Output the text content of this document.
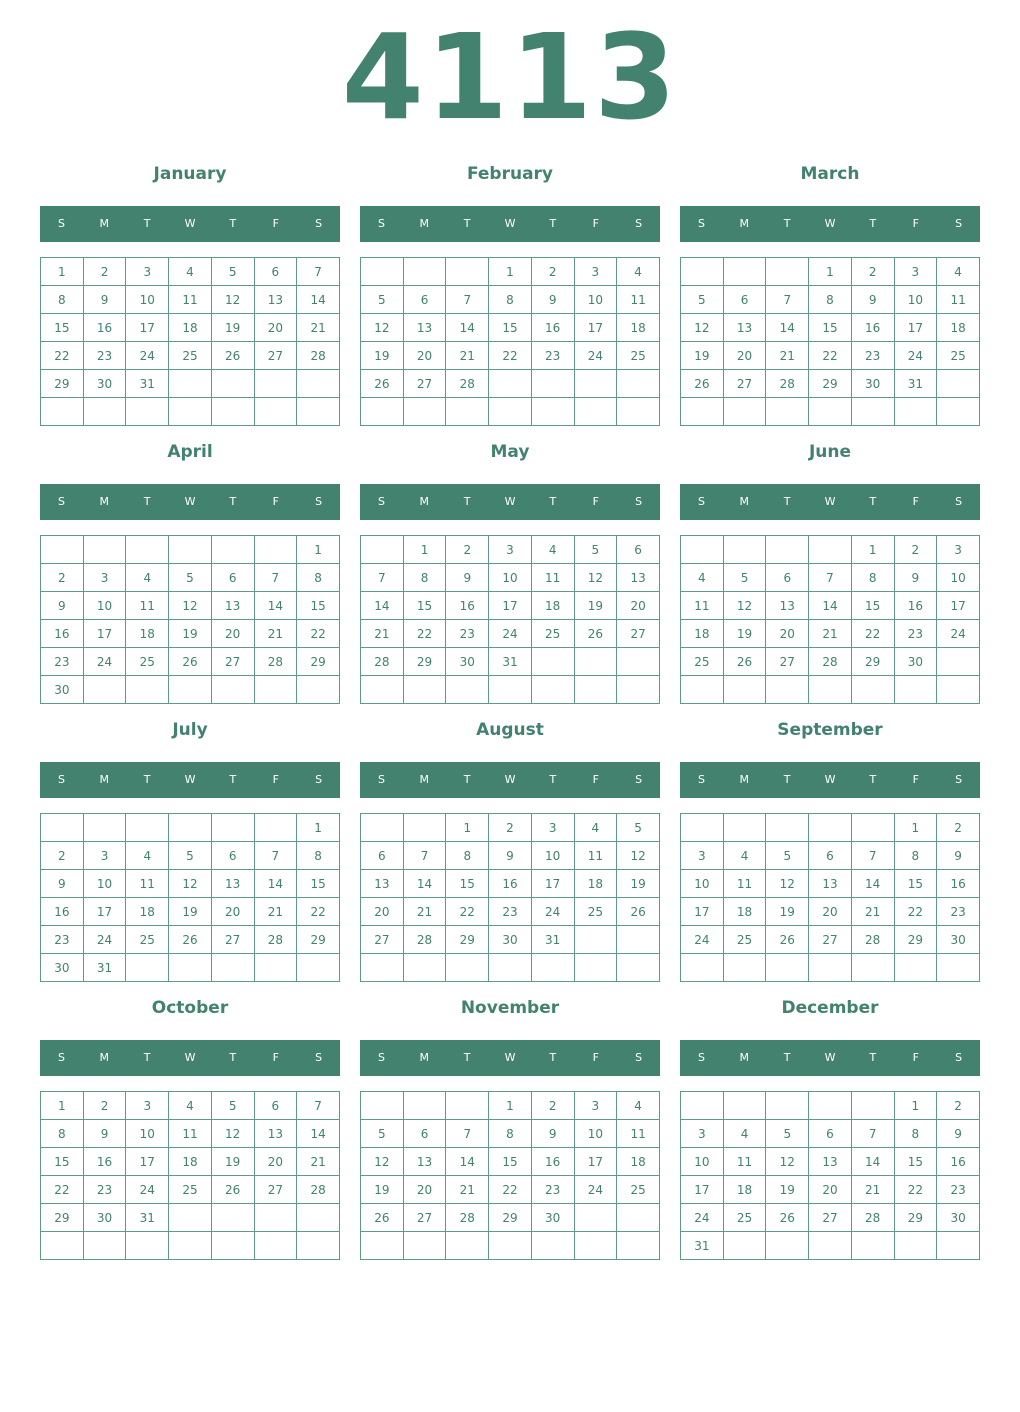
4113
January
S	M	T	W	T	F	S
1	2	3	4	5	6	7
8	9	10	11	12	13	14
15	16	17	18	19	20	21
22	23	24	25	26	27	28
29	30	31				

February
S	M	T	W	T	F	S
			1	2	3	4
5	6	7	8	9	10	11
12	13	14	15	16	17	18
19	20	21	22	23	24	25
26	27	28				

March
S	M	T	W	T	F	S
			1	2	3	4
5	6	7	8	9	10	11
12	13	14	15	16	17	18
19	20	21	22	23	24	25
26	27	28	29	30	31	

April
S	M	T	W	T	F	S
						1
2	3	4	5	6	7	8
9	10	11	12	13	14	15
16	17	18	19	20	21	22
23	24	25	26	27	28	29
30						
May
S	M	T	W	T	F	S
	1	2	3	4	5	6
7	8	9	10	11	12	13
14	15	16	17	18	19	20
21	22	23	24	25	26	27
28	29	30	31			

June
S	M	T	W	T	F	S
				1	2	3
4	5	6	7	8	9	10
11	12	13	14	15	16	17
18	19	20	21	22	23	24
25	26	27	28	29	30	

July
S	M	T	W	T	F	S
						1
2	3	4	5	6	7	8
9	10	11	12	13	14	15
16	17	18	19	20	21	22
23	24	25	26	27	28	29
30	31					
August
S	M	T	W	T	F	S
		1	2	3	4	5
6	7	8	9	10	11	12
13	14	15	16	17	18	19
20	21	22	23	24	25	26
27	28	29	30	31		

September
S	M	T	W	T	F	S
					1	2
3	4	5	6	7	8	9
10	11	12	13	14	15	16
17	18	19	20	21	22	23
24	25	26	27	28	29	30

October
S	M	T	W	T	F	S
1	2	3	4	5	6	7
8	9	10	11	12	13	14
15	16	17	18	19	20	21
22	23	24	25	26	27	28
29	30	31				

November
S	M	T	W	T	F	S
			1	2	3	4
5	6	7	8	9	10	11
12	13	14	15	16	17	18
19	20	21	22	23	24	25
26	27	28	29	30		

December
S	M	T	W	T	F	S
					1	2
3	4	5	6	7	8	9
10	11	12	13	14	15	16
17	18	19	20	21	22	23
24	25	26	27	28	29	30
31						
